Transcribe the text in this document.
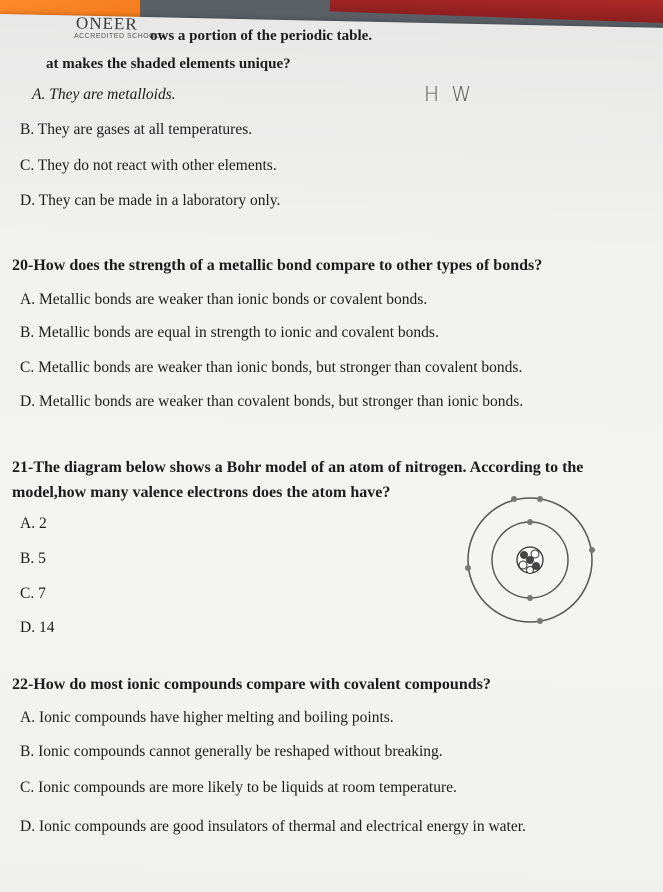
ONEER
ACCREDITED SCHOOLS
ows a portion of the periodic table.
at makes the shaded elements unique?
H W
A. They are metalloids.
B. They are gases at all temperatures.
C. They do not react with other elements.
D. They can be made in a laboratory only.
20-How does the strength of a metallic bond compare to other types of bonds?
A. Metallic bonds are weaker than ionic bonds or covalent bonds.
B. Metallic bonds are equal in strength to ionic and covalent bonds.
C. Metallic bonds are weaker than ionic bonds, but stronger than covalent bonds.
D. Metallic bonds are weaker than covalent bonds, but stronger than ionic bonds.
21-The diagram below shows a Bohr model of an atom of nitrogen. According to the
model,how many valence electrons does the atom have?
A. 2
B. 5
C. 7
D. 14
22-How do most ionic compounds compare with covalent compounds?
A. Ionic compounds have higher melting and boiling points.
B. Ionic compounds cannot generally be reshaped without breaking.
C. Ionic compounds are more likely to be liquids at room temperature.
D. Ionic compounds are good insulators of thermal and electrical energy in water.
